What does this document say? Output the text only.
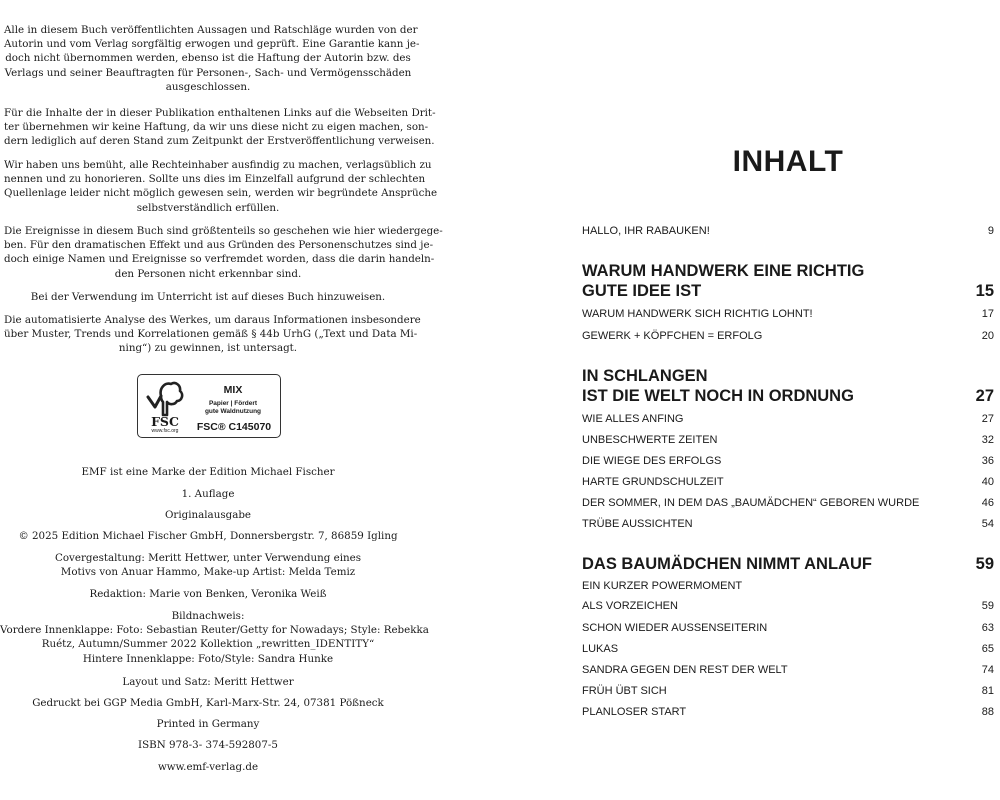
Alle in diesem Buch veröffentlichten Aussagen und Ratschläge wurden von der
Autorin und vom Verlag sorgfältig erwogen und geprüft. Eine Garantie kann je-
doch nicht übernommen werden, ebenso ist die Haftung der Autorin bzw. des
Verlags und seiner Beauftragten für Personen-, Sach- und Vermögensschäden
ausgeschlossen.

Für die Inhalte der in dieser Publikation enthaltenen Links auf die Webseiten Drit-
ter übernehmen wir keine Haftung, da wir uns diese nicht zu eigen machen, son-
dern lediglich auf deren Stand zum Zeitpunkt der Erstveröffentlichung verweisen.

Wir haben uns bemüht, alle Rechteinhaber ausfindig zu machen, verlagsüblich zu
nennen und zu honorieren. Sollte uns dies im Einzelfall aufgrund der schlechten
Quellenlage leider nicht möglich gewesen sein, werden wir begründete Ansprüche
selbstverständlich erfüllen.

Die Ereignisse in diesem Buch sind größtenteils so geschehen wie hier wiedergege-
ben. Für den dramatischen Effekt und aus Gründen des Personenschutzes sind je-
doch einige Namen und Ereignisse so verfremdet worden, dass die darin handeln-
den Personen nicht erkennbar sind.

Bei der Verwendung im Unterricht ist auf dieses Buch hinzuweisen.

Die automatisierte Analyse des Werkes, um daraus Informationen insbesondere
über Muster, Trends und Korrelationen gemäß § 44b UrhG („Text und Data Mi-
ning“) zu gewinnen, ist untersagt.

FSC
www.fsc.org
MIX
Papier | Fördert
gute Waldnutzung
FSC® C145070

EMF ist eine Marke der Edition Michael Fischer

1. Auflage

Originalausgabe

© 2025 Edition Michael Fischer GmbH, Donnersbergstr. 7, 86859 Igling

Covergestaltung: Meritt Hettwer, unter Verwendung eines
Motivs von Anuar Hammo, Make-up Artist: Melda Temiz

Redaktion: Marie von Benken, Veronika Weiß

Bildnachweis:
Vordere Innenklappe: Foto: Sebastian Reuter/Getty for Nowadays; Style: Rebekka
Ruétz, Autumn/Summer 2022 Kollektion „rewritten_IDENTITY“
Hintere Innenklappe: Foto/Style: Sandra Hunke

Layout und Satz: Meritt Hettwer

Gedruckt bei GGP Media GmbH, Karl-Marx-Str. 24, 07381 Pößneck

Printed in Germany

ISBN 978-3- 374-592807-5

www.emf-verlag.de

INHALT
HALLO, IHR RABAUKEN!	9
WARUM HANDWERK EINE RICHTIG
GUTE IDEE IST	15
WARUM HANDWERK SICH RICHTIG LOHNT!	17
GEWERK + KÖPFCHEN = ERFOLG	20
IN SCHLANGEN
IST DIE WELT NOCH IN ORDNUNG	27
WIE ALLES ANFING	27
UNBESCHWERTE ZEITEN	32
DIE WIEGE DES ERFOLGS	36
HARTE GRUNDSCHULZEIT	40
DER SOMMER, IN DEM DAS „BAUMÄDCHEN“ GEBOREN WURDE	46
TRÜBE AUSSICHTEN	54
DAS BAUMÄDCHEN NIMMT ANLAUF	59
EIN KURZER POWERMOMENT
ALS VORZEICHEN	59
SCHON WIEDER AUSSENSEITERIN	63
LUKAS	65
SANDRA GEGEN DEN REST DER WELT	74
FRÜH ÜBT SICH	81
PLANLOSER START	88
